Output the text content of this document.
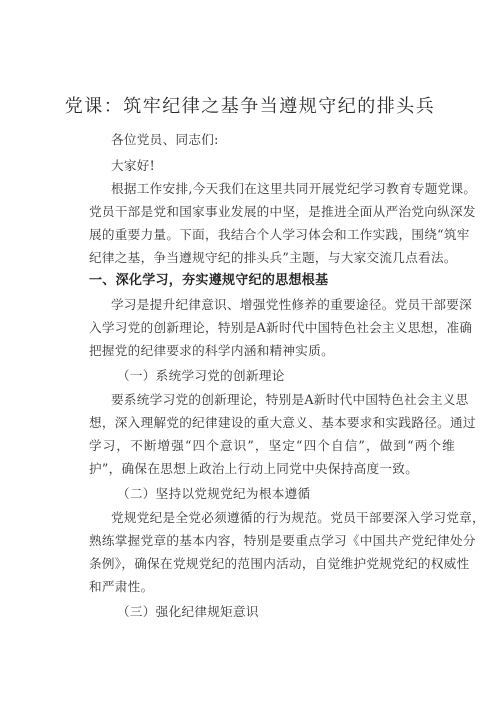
党课：筑牢纪律之基争当遵规守纪的排头兵
各位党员、同志们:
大家好!
根据工作安排,今天我们在这里共同开展党纪学习教育专题党课。
党员干部是党和国家事业发展的中坚，是推进全面从严治党向纵深发
展的重要力量。下面，我结合个人学习体会和工作实践，围绕“筑牢
纪律之基，争当遵规守纪的排头兵”主题，与大家交流几点看法。
一、深化学习，夯实遵规守纪的思想根基
学习是提升纪律意识、增强党性修养的重要途径。党员干部要深
入学习党的创新理论，特别是A新时代中国特色社会主义思想，准确
把握党的纪律要求的科学内涵和精神实质。
（一）系统学习党的创新理论
要系统学习党的创新理论，特别是A新时代中国特色社会主义思
想，深入理解党的纪律建设的重大意义、基本要求和实践路径。通过
学习，不断增强“四个意识”，坚定“四个自信”，做到“两个维
护”，确保在思想上政治上行动上同党中央保持高度一致。
（二）坚持以党规党纪为根本遵循
党规党纪是全党必须遵循的行为规范。党员干部要深入学习党章，
熟练掌握党章的基本内容，特别是要重点学习《中国共产党纪律处分
条例》，确保在党规党纪的范围内活动，自觉维护党规党纪的权威性
和严肃性。
（三）强化纪律规矩意识
